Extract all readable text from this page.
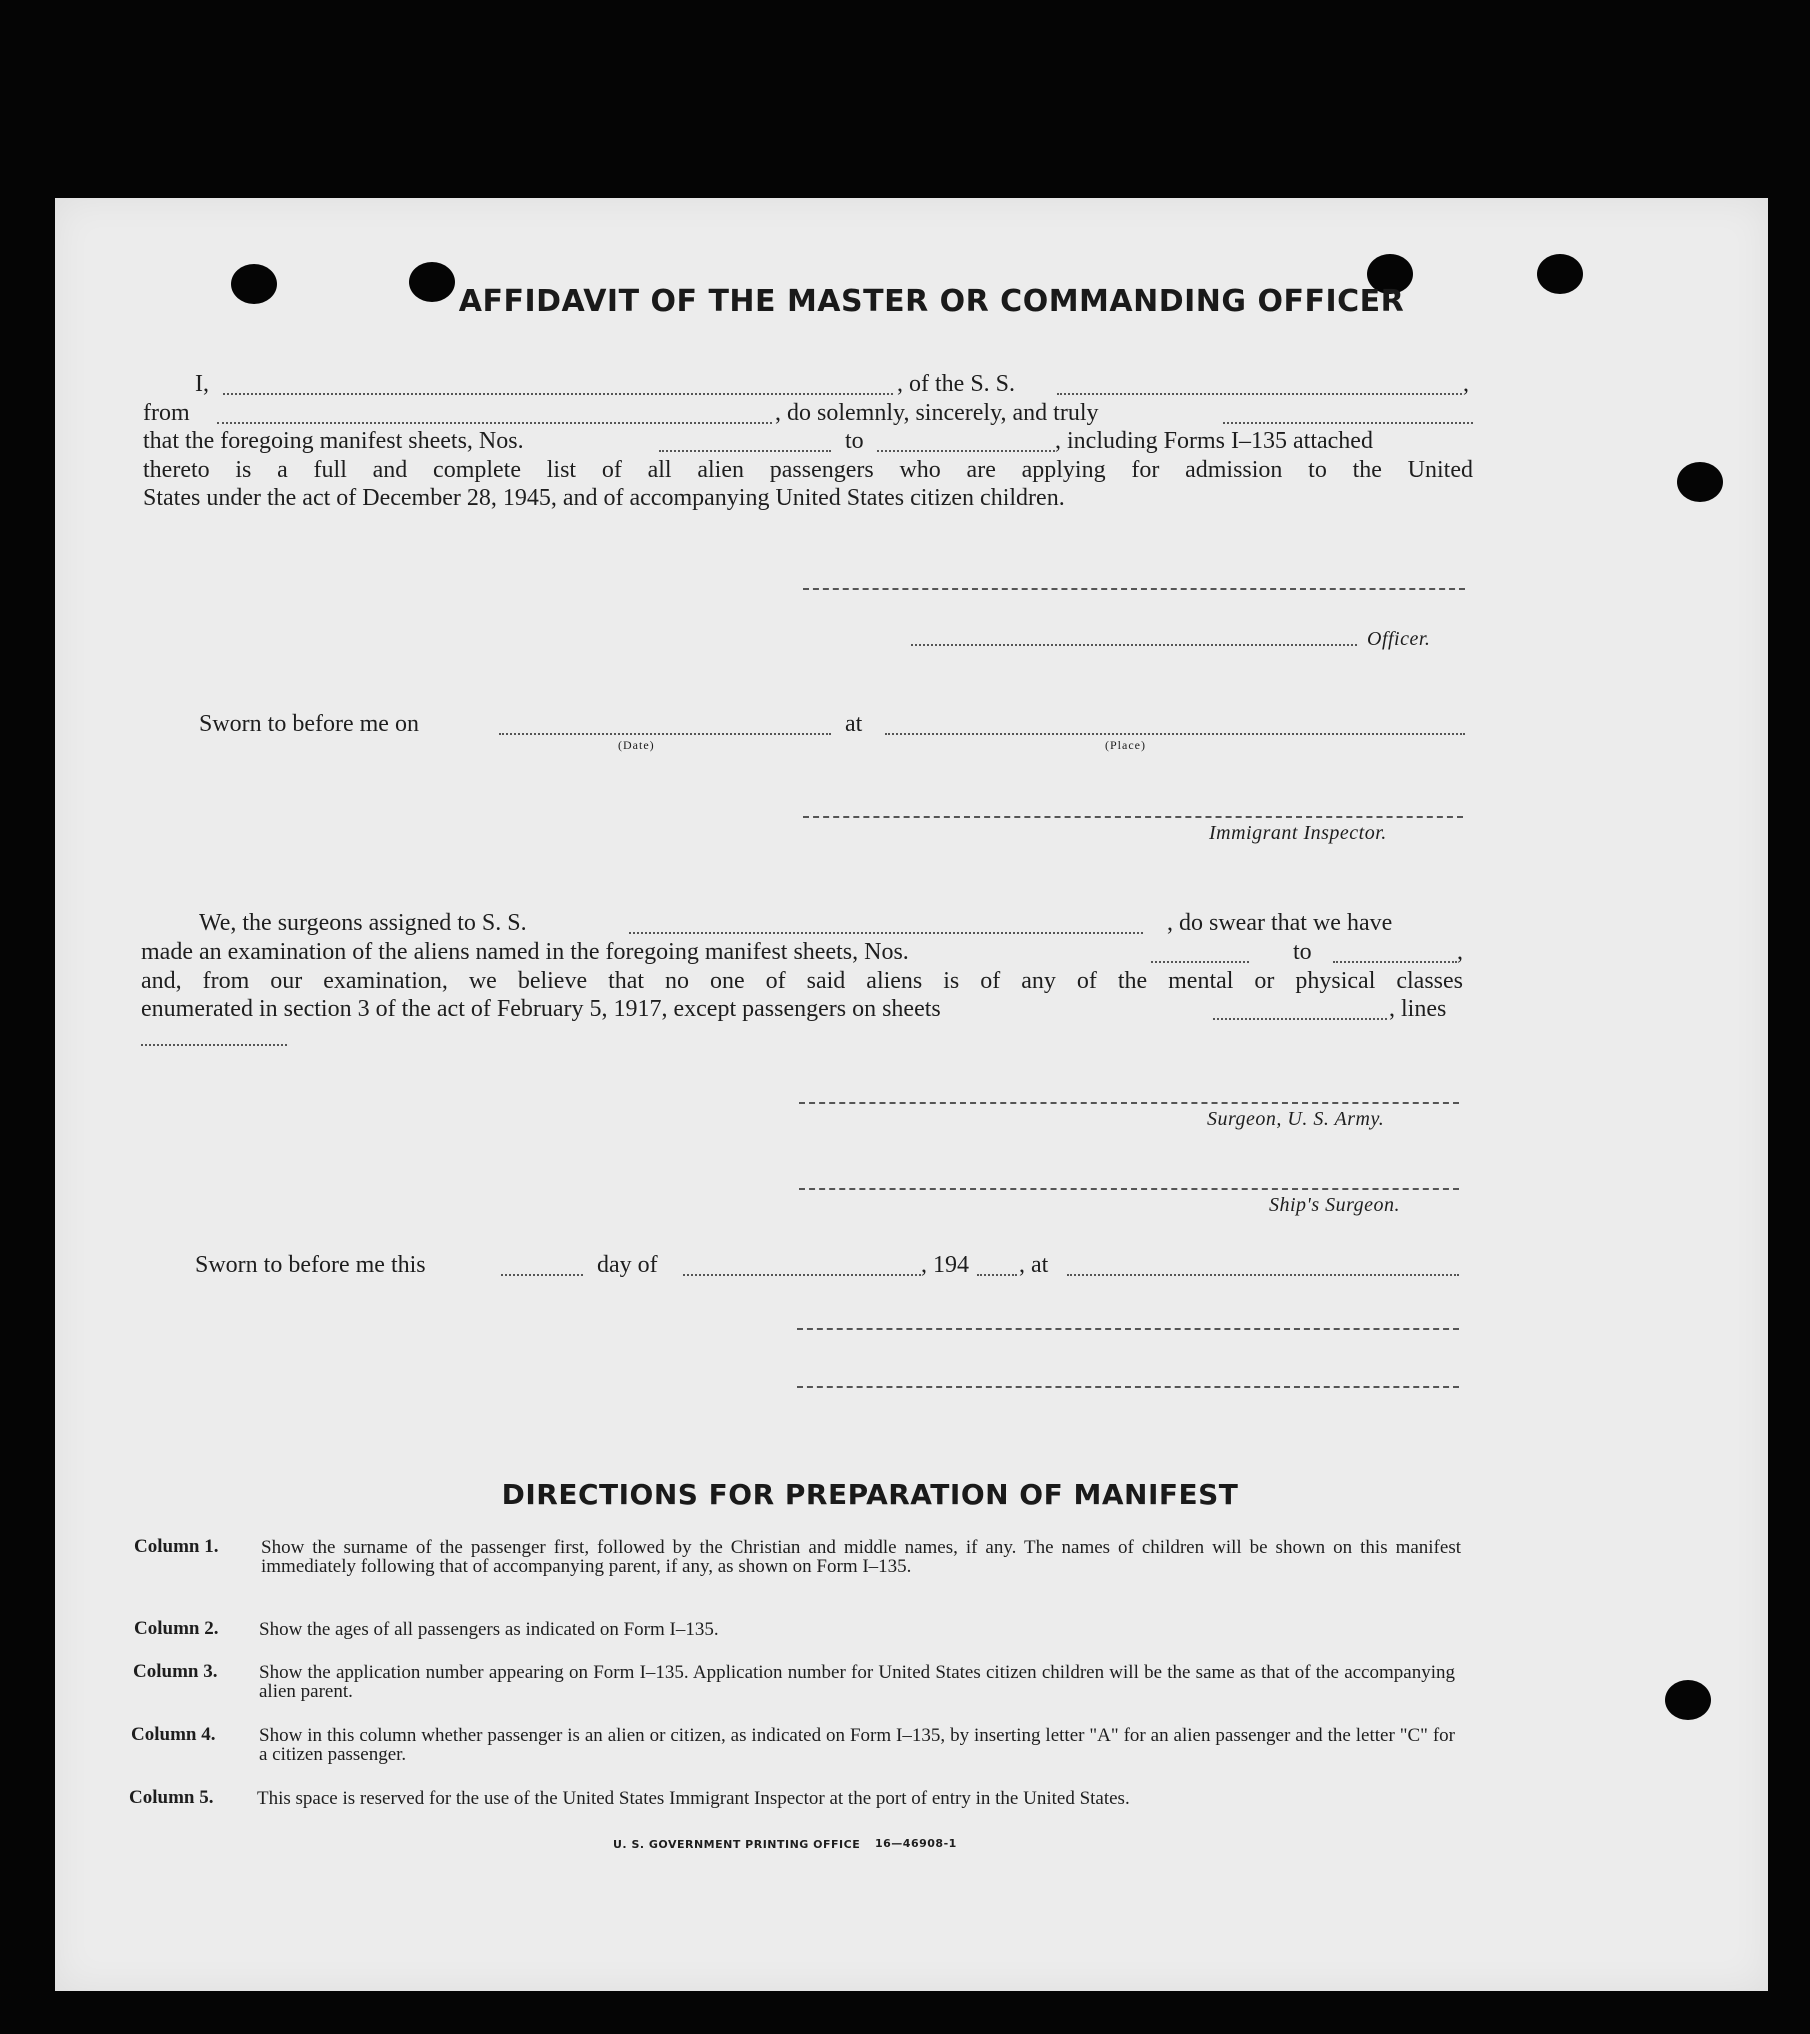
AFFIDAVIT OF THE MASTER OR COMMANDING OFFICER
I,	, of the S. S.	,
from	, do solemnly, sincerely, and truly
that the foregoing manifest sheets, Nos.	to	, including Forms I–135 attached
thereto is a full and complete list of all alien passengers who are applying for admission to the United
States under the act of December 28, 1945, and of accompanying United States citizen children.
Officer.
Sworn to before me on
(Date)
at
(Place)
Immigrant Inspector.
We, the surgeons assigned to S. S.	, do swear that we have
made an examination of the aliens named in the foregoing manifest sheets, Nos.	to	,
and, from our examination, we believe that no one of said aliens is of any of the mental or physical classes
enumerated in section 3 of the act of February 5, 1917, except passengers on sheets	, lines
Surgeon, U. S. Army.
Ship's Surgeon.
Sworn to before me this	day of	, 194 , at
DIRECTIONS FOR PREPARATION OF MANIFEST
Column 1. Show the surname of the passenger first, followed by the Christian and middle names, if any. The names of children will be shown on this manifest immediately following that of accompanying parent, if any, as shown on Form I–135.
Column 2. Show the ages of all passengers as indicated on Form I–135.
Column 3. Show the application number appearing on Form I–135. Application number for United States citizen children will be the same as that of the accompanying alien parent.
Column 4. Show in this column whether passenger is an alien or citizen, as indicated on Form I–135, by inserting letter "A" for an alien passenger and the letter "C" for a citizen passenger.
Column 5. This space is reserved for the use of the United States Immigrant Inspector at the port of entry in the United States.
U. S. GOVERNMENT PRINTING OFFICE 16—46908-1
